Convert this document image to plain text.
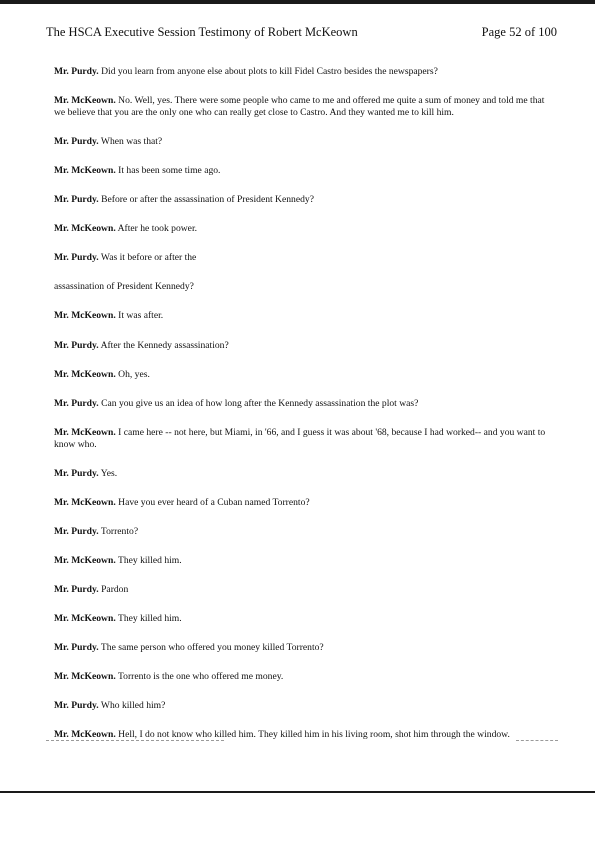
The HSCA Executive Session Testimony of Robert McKeown	Page 52 of 100

Mr. Purdy. Did you learn from anyone else about plots to kill Fidel Castro besides the newspapers?

Mr. McKeown. No. Well, yes. There were some people who came to me and offered me quite a sum of money and told me that we believe that you are the only one who can really get close to Castro. And they wanted me to kill him.

Mr. Purdy. When was that?

Mr. McKeown. It has been some time ago.

Mr. Purdy. Before or after the assassination of President Kennedy?

Mr. McKeown. After he took power.

Mr. Purdy. Was it before or after the

assassination of President Kennedy?

Mr. McKeown. It was after.

Mr. Purdy. After the Kennedy assassination?

Mr. McKeown. Oh, yes.

Mr. Purdy. Can you give us an idea of how long after the Kennedy assassination the plot was?

Mr. McKeown. I came here -- not here, but Miami, in '66, and I guess it was about '68, because I had worked-- and you want to know who.

Mr. Purdy. Yes.

Mr. McKeown. Have you ever heard of a Cuban named Torrento?

Mr. Purdy. Torrento?

Mr. McKeown. They killed him.

Mr. Purdy. Pardon

Mr. McKeown. They killed him.

Mr. Purdy. The same person who offered you money killed Torrento?

Mr. McKeown. Torrento is the one who offered me money.

Mr. Purdy. Who killed him?

Mr. McKeown. Hell, I do not know who killed him. They killed him in his living room, shot him through the window.
